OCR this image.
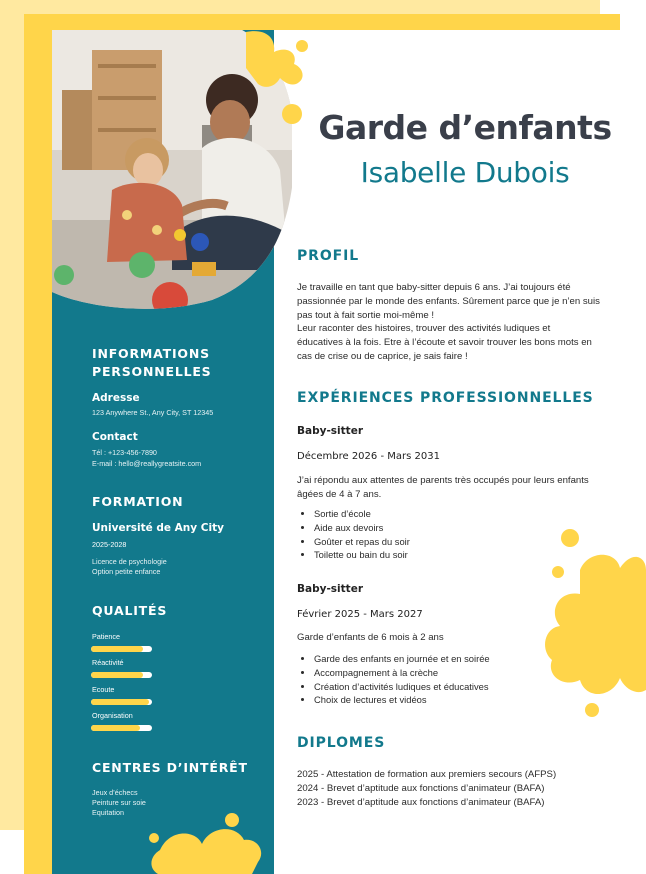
Garde d’enfants
Isabelle Dubois
INFORMATIONS
PERSONNELLES
Adresse
123 Anywhere St., Any City, ST 12345
Contact
Tél : +123-456-7890
E-mail : hello@reallygreatsite.com
FORMATION
Université de Any City
2025-2028
Licence de psychologie
Option petite enfance
QUALITÉS
Patience
Réactivité
Ecoute
Organisation
CENTRES D’INTÉRÊT
Jeux d’échecs
Peinture sur soie
Equitation
PROFIL
Je travaille en tant que baby-sitter depuis 6 ans. J’ai toujours été
passionnée par le monde des enfants. Sûrement parce que je n’en suis
pas tout à fait sortie moi-même !
Leur raconter des histoires, trouver des activités ludiques et
éducatives à la fois. Etre à l’écoute et savoir trouver les bons mots en
cas de crise ou de caprice, je sais faire !
EXPÉRIENCES PROFESSIONNELLES
Baby-sitter
Décembre 2026 - Mars 2031
J’ai répondu aux attentes de parents très occupés pour leurs enfants
âgées de 4 à 7 ans.
• Sortie d’école
• Aide aux devoirs
• Goûter et repas du soir
• Toilette ou bain du soir
Baby-sitter
Février 2025 - Mars 2027
Garde d’enfants de 6 mois à 2 ans
• Garde des enfants en journée et en soirée
• Accompagnement à la crèche
• Création d’activités ludiques et éducatives
• Choix de lectures et vidéos
DIPLOMES
2025 - Attestation de formation aux premiers secours (AFPS)
2024 - Brevet d’aptitude aux fonctions d’animateur (BAFA)
2023 - Brevet d’aptitude aux fonctions d’animateur (BAFA)
